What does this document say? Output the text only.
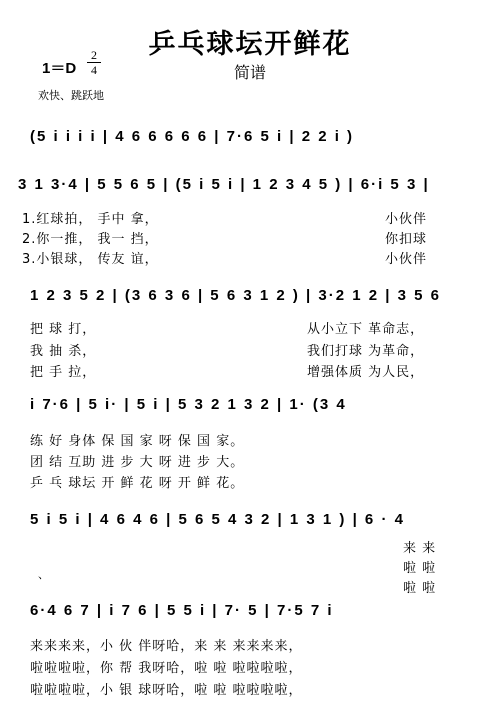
乒乓球坛开鲜花
简谱
1＝D
2
4
欢快、跳跃地
(5 i i i i | 4 6 6 6 6 6 | 7·6 5 i | 2 2 i )
3 1 3·4 | 5 5 6 5 | (5 i 5 i | 1 2 3 4 5 ) | 6·i 5 3 |
1.红球拍， 手中 拿，	小伙伴
2.你一推， 我一 挡，	你扣球
3.小银球， 传友 谊，	小伙伴
1 2 3 5 2 | (3 6 3 6 | 5 6 3 1 2 ) | 3·2 1 2 | 3 5 6
把 球 打，	从小立下 革命志，
我 抽 杀，	我们打球 为革命，
把 手 拉，	增强体质 为人民，
i 7·6 | 5 i· | 5 i | 5 3 2 1 3 2 | 1· (3 4
练 好 身体 保 国 家 呀 保 国 家。
团 结 互助 进 步 大 呀 进 步 大。
乒 乓 球坛 开 鲜 花 呀 开 鲜 花。
5 i 5 i | 4 6 4 6 | 5 6 5 4 3 2 | 1 3 1 ) | 6 · 4
来 来
啦 啦
啦 啦
6·4 6 7 | i 7 6 | 5 5 i | 7· 5 | 7·5 7 i
来来来来，小 伙 伴呀哈，来 来 来来来来，
啦啦啦啦，你 帮 我呀哈，啦 啦 啦啦啦啦，
啦啦啦啦，小 银 球呀哈，啦 啦 啦啦啦啦，
、
